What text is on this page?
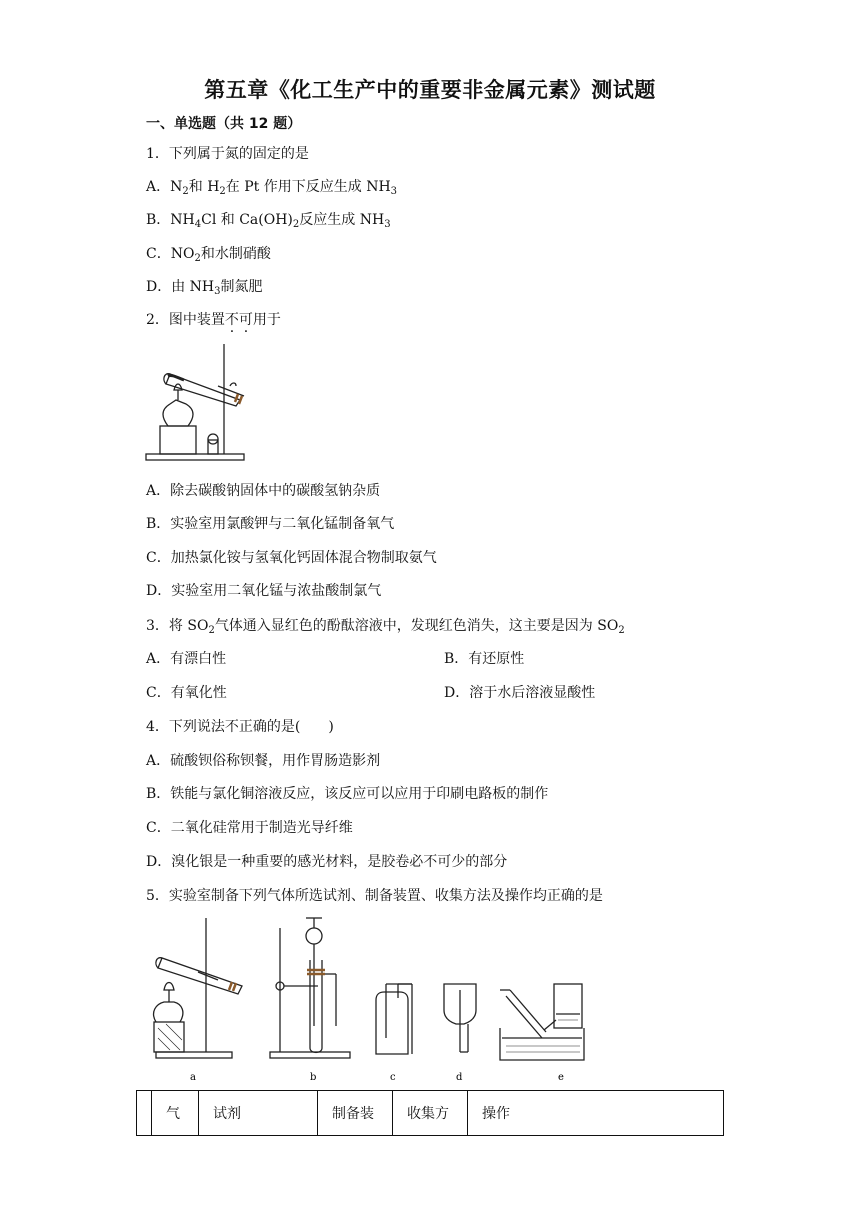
第五章《化工生产中的重要非金属元素》测试题
一、单选题（共 12 题）
1．下列属于氮的固定的是
A．$N_2$和 $H_2$在 Pt 作用下反应生成 $NH_3$
B．$NH_4Cl$ 和 $Ca(OH)_2$反应生成 $NH_3$
C．$NO_2$和水制硝酸
D．由 $NH_3$制氮肥
2．图中装置不可用于
A．除去碳酸钠固体中的碳酸氢钠杂质
B．实验室用氯酸钾与二氧化锰制备氧气
C．加热氯化铵与氢氧化钙固体混合物制取氨气
D．实验室用二氧化锰与浓盐酸制氯气
3．将 $SO_2$气体通入显红色的酚酞溶液中，发现红色消失，这主要是因为 $SO_2$
A．有漂白性	B．有还原性
C．有氧化性	D．溶于水后溶液显酸性
4．下列说法不正确的是(　　)
A．硫酸钡俗称钡餐，用作胃肠造影剂
B．铁能与氯化铜溶液反应，该反应可以应用于印刷电路板的制作
C．二氧化硅常用于制造光导纤维
D．溴化银是一种重要的感光材料，是胶卷必不可少的部分
5．实验室制备下列气体所选试剂、制备装置、收集方法及操作均正确的是
a	b	c	d	e
	气	试剂	制备装	收集方	操作
